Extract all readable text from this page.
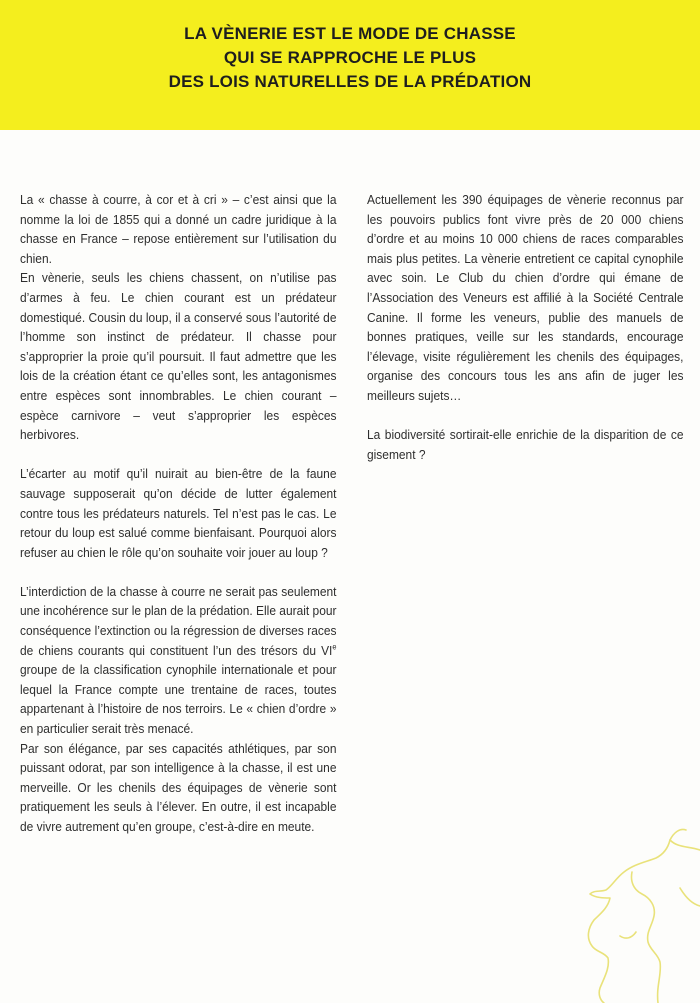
LA VÈNERIE EST LE MODE DE CHASSE
QUI SE RAPPROCHE LE PLUS
DES LOIS NATURELLES DE LA PRÉDATION

La « chasse à courre, à cor et à cri » – c’est ainsi que la nomme la loi de 1855 qui a donné un cadre juridique à la chasse en France – repose entièrement sur l’utilisation du chien.

En vènerie, seuls les chiens chassent, on n’utilise pas d’armes à feu. Le chien courant est un prédateur domestiqué. Cousin du loup, il a conservé sous l’autorité de l’homme son instinct de prédateur. Il chasse pour s’approprier la proie qu’il poursuit. Il faut admettre que les lois de la création étant ce qu’elles sont, les antagonismes entre espèces sont innombrables. Le chien courant – espèce carnivore – veut s’approprier les espèces herbivores.

L’écarter au motif qu’il nuirait au bien-être de la faune sauvage supposerait qu’on décide de lutter également contre tous les prédateurs naturels. Tel n’est pas le cas. Le retour du loup est salué comme bienfaisant. Pourquoi alors refuser au chien le rôle qu’on souhaite voir jouer au loup ?

L’interdiction de la chasse à courre ne serait pas seulement une incohérence sur le plan de la prédation. Elle aurait pour conséquence l’extinction ou la régression de diverses races de chiens courants qui constituent l’un des trésors du VIe groupe de la classification cynophile internationale et pour lequel la France compte une trentaine de races, toutes appartenant à l’histoire de nos terroirs. Le « chien d’ordre » en particulier serait très menacé.

Par son élégance, par ses capacités athlétiques, par son puissant odorat, par son intelligence à la chasse, il est une merveille. Or les chenils des équipages de vènerie sont pratiquement les seuls à l’élever. En outre, il est incapable de vivre autrement qu’en groupe, c’est-à-dire en meute.

Actuellement les 390 équipages de vènerie reconnus par les pouvoirs publics font vivre près de 20 000 chiens d’ordre et au moins 10 000 chiens de races comparables mais plus petites. La vènerie entretient ce capital cynophile avec soin. Le Club du chien d’ordre qui émane de l’Association des Veneurs est affilié à la Société Centrale Canine. Il forme les veneurs, publie des manuels de bonnes pratiques, veille sur les standards, encourage l’élevage, visite régulièrement les chenils des équipages, organise des concours tous les ans afin de juger les meilleurs sujets…

La biodiversité sortirait-elle enrichie de la disparition de ce gisement ?
